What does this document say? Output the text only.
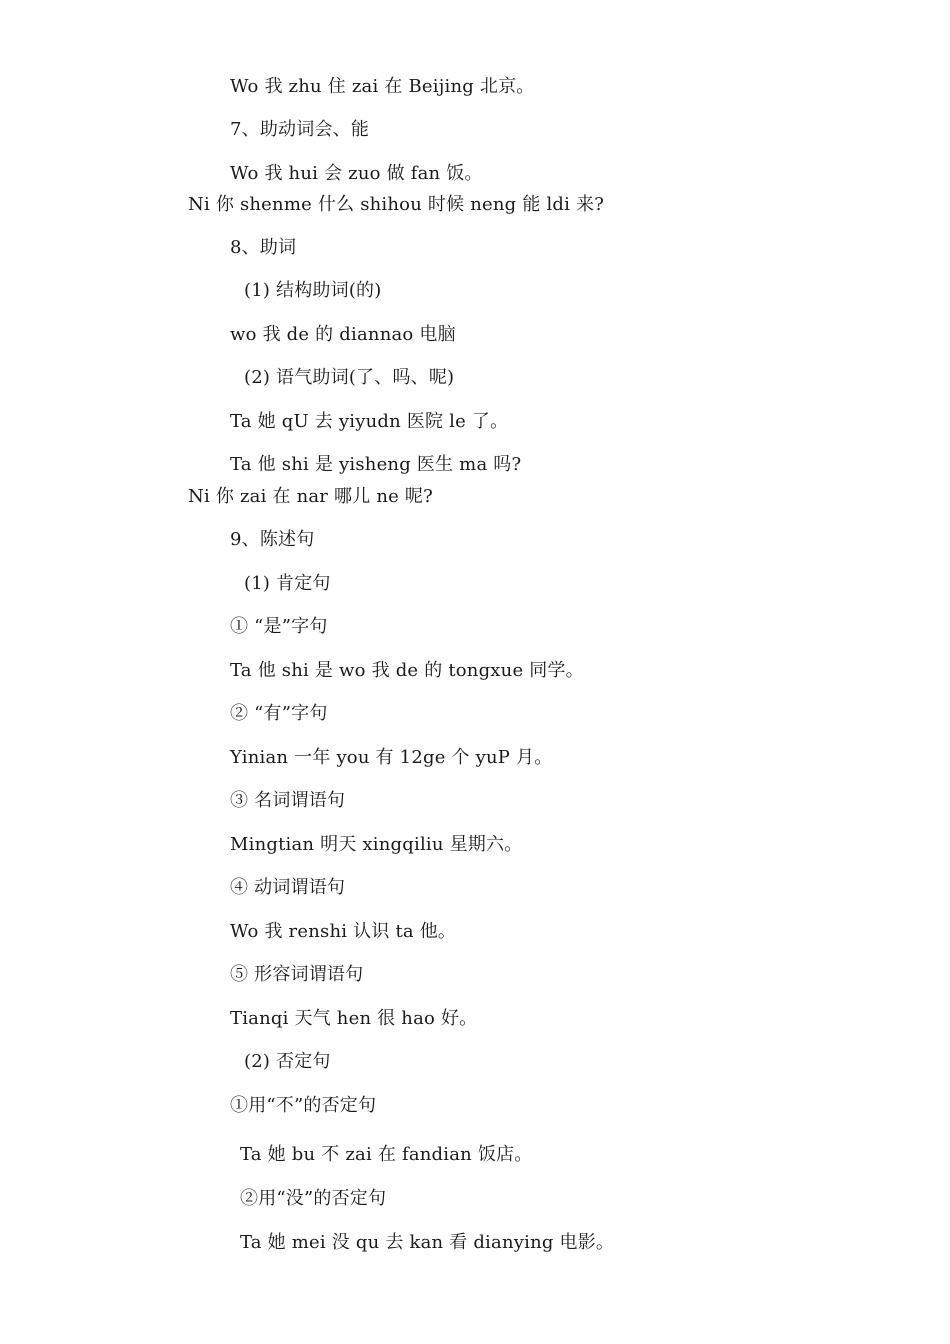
Wo 我 zhu 住 zai 在 Beijing 北京。
7、助动词会、能
Wo 我 hui 会 zuo 做 fan 饭。
Ni 你 shenme 什么 shihou 时候 neng 能 ldi 来?
8、助词
(1) 结构助词(的)
wo 我 de 的 diannao 电脑
(2) 语气助词(了、吗、呢)
Ta 她 qU 去 yiyudn 医院 le 了。
Ta 他 shi 是 yisheng 医生 ma 吗?
Ni 你 zai 在 nar 哪儿 ne 呢?
9、陈述句
(1) 肯定句
① “是”字句
Ta 他 shi 是 wo 我 de 的 tongxue 同学。
② “有”字句
Yinian 一年 you 有 12ge 个 yuP 月。
③ 名词谓语句
Mingtian 明天 xingqiliu 星期六。
④ 动词谓语句
Wo 我 renshi 认识 ta 他。
⑤ 形容词谓语句
Tianqi 天气 hen 很 hao 好。
(2) 否定句
①用“不”的否定句
Ta 她 bu 不 zai 在 fandian 饭店。
②用“没”的否定句
Ta 她 mei 没 qu 去 kan 看 dianying 电影。
